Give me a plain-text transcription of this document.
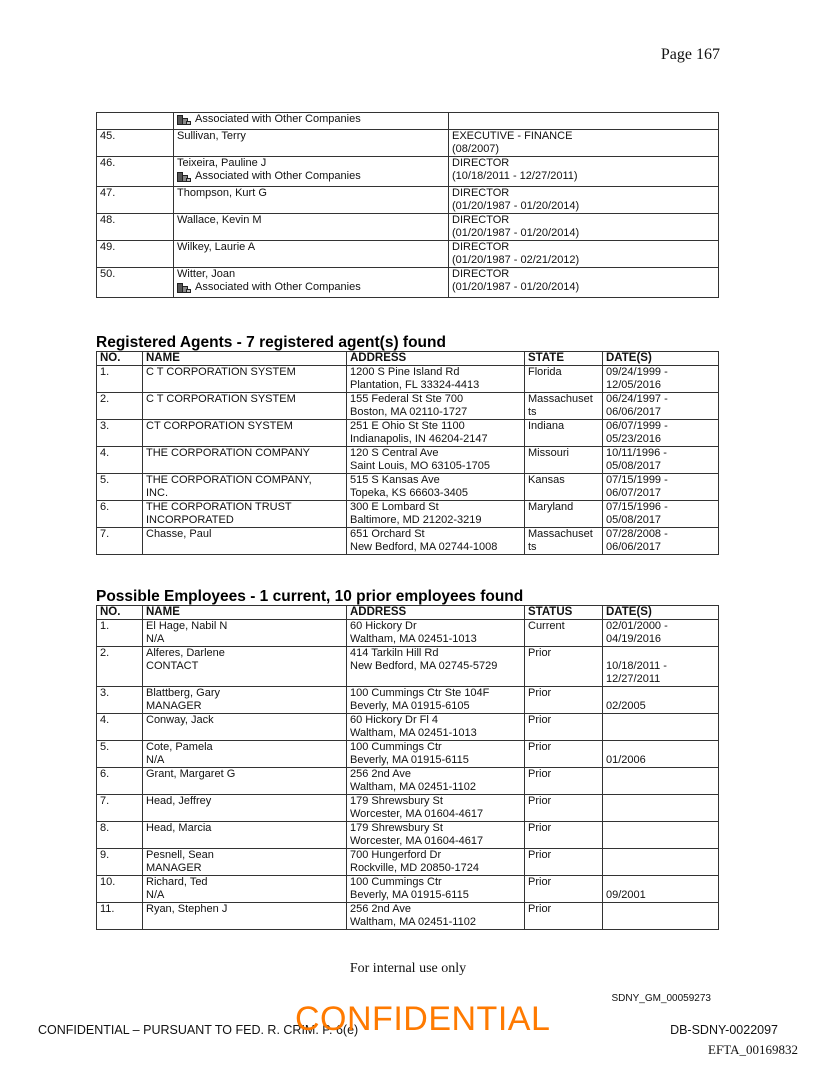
Page 167

	Associated with Other Companies	

45.	Sullivan, Terry	EXECUTIVE - FINANCE
(08/2007)

46.	Teixeira, Pauline J
Associated with Other Companies	DIRECTOR
(10/18/2011 - 12/27/2011)

47.	Thompson, Kurt G	DIRECTOR
(01/20/1987 - 01/20/2014)

48.	Wallace, Kevin M	DIRECTOR
(01/20/1987 - 01/20/2014)

49.	Wilkey, Laurie A	DIRECTOR
(01/20/1987 - 02/21/2012)

50.	Witter, Joan
Associated with Other Companies	DIRECTOR
(01/20/1987 - 01/20/2014)
Registered Agents - 7 registered agent(s) found
NO.	NAME	ADDRESS	STATE	DATE(S)

1.	C T CORPORATION SYSTEM	1200 S Pine Island Rd
Plantation, FL 33324-4413	Florida	09/24/1999 -
12/05/2016

2.	C T CORPORATION SYSTEM	155 Federal St Ste 700
Boston, MA 02110-1727	Massachuset
ts	06/24/1997 -
06/06/2017

3.	CT CORPORATION SYSTEM	251 E Ohio St Ste 1100
Indianapolis, IN 46204-2147	Indiana	06/07/1999 -
05/23/2016

4.	THE CORPORATION COMPANY	120 S Central Ave
Saint Louis, MO 63105-1705	Missouri	10/11/1996 -
05/08/2017

5.	THE CORPORATION COMPANY,
INC.	515 S Kansas Ave
Topeka, KS 66603-3405	Kansas	07/15/1999 -
06/07/2017

6.	THE CORPORATION TRUST
INCORPORATED	300 E Lombard St
Baltimore, MD 21202-3219	Maryland	07/15/1996 -
05/08/2017

7.	Chasse, Paul	651 Orchard St
New Bedford, MA 02744-1008	Massachuset
ts	07/28/2008 -
06/06/2017
Possible Employees - 1 current, 10 prior employees found
NO.	NAME	ADDRESS	STATUS	DATE(S)

1.	El Hage, Nabil N
N/A	60 Hickory Dr
Waltham, MA 02451-1013	Current	02/01/2000 -
04/19/2016

2.	Alferes, Darlene
CONTACT	414 Tarkiln Hill Rd
New Bedford, MA 02745-5729	Prior	10/18/2011 -
12/27/2011

3.	Blattberg, Gary
MANAGER	100 Cummings Ctr Ste 104F
Beverly, MA 01915-6105	Prior	02/2005

4.	Conway, Jack	60 Hickory Dr Fl 4
Waltham, MA 02451-1013	Prior	

5.	Cote, Pamela
N/A	100 Cummings Ctr
Beverly, MA 01915-6115	Prior	01/2006

6.	Grant, Margaret G	256 2nd Ave
Waltham, MA 02451-1102	Prior	

7.	Head, Jeffrey	179 Shrewsbury St
Worcester, MA 01604-4617	Prior	

8.	Head, Marcia	179 Shrewsbury St
Worcester, MA 01604-4617	Prior	

9.	Pesnell, Sean
MANAGER	700 Hungerford Dr
Rockville, MD 20850-1724	Prior	

10.	Richard, Ted
N/A	100 Cummings Ctr
Beverly, MA 01915-6115	Prior	09/2001

11.	Ryan, Stephen J	256 2nd Ave
Waltham, MA 02451-1102	Prior	

For internal use only
SDNY_GM_00059273
CONFIDENTIAL – PURSUANT TO FED. R. CRIM. P. 6(e)
CONFIDENTIAL	DB-SDNY-0022097
EFTA_00169832
